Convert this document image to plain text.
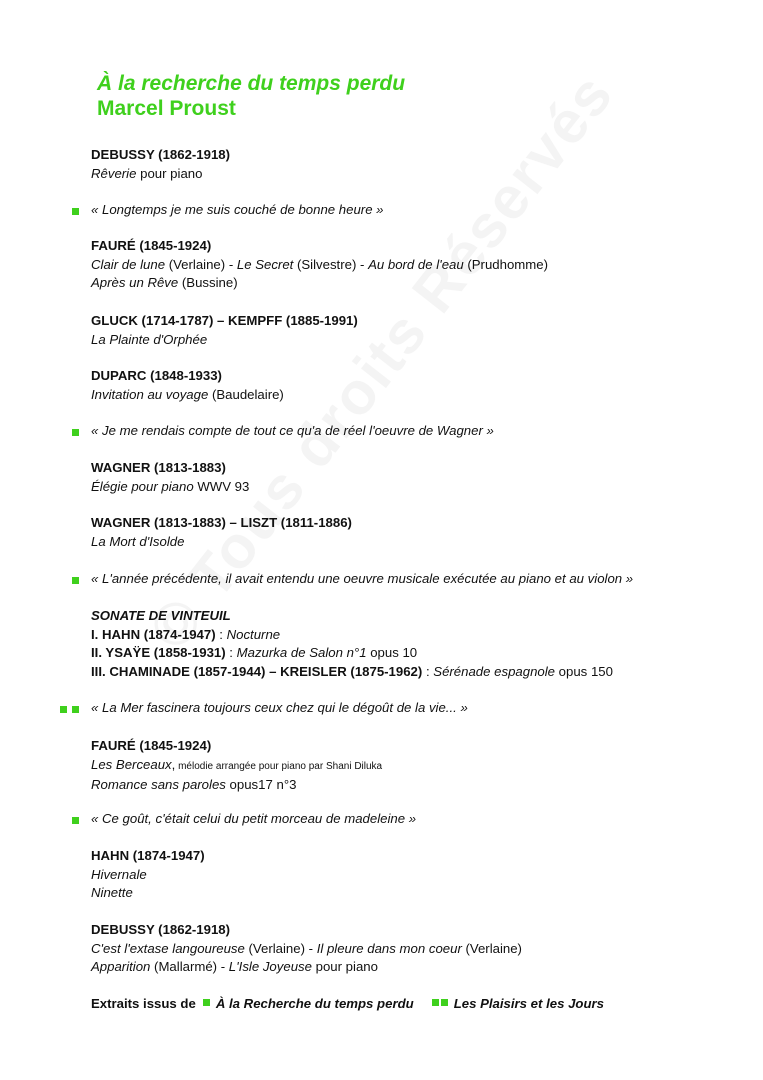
À la recherche du temps perdu
Marcel Proust
DEBUSSY (1862-1918)
Rêverie pour piano
« Longtemps je me suis couché de bonne heure »
FAURÉ (1845-1924)
Clair de lune (Verlaine) - Le Secret (Silvestre) - Au bord de l'eau (Prudhomme)
Après un Rêve (Bussine)
GLUCK (1714-1787) – KEMPFF (1885-1991)
La Plainte d'Orphée
DUPARC (1848-1933)
Invitation au voyage (Baudelaire)
« Je me rendais compte de tout ce qu'a de réel l'oeuvre de Wagner »
WAGNER (1813-1883)
Élégie pour piano WWV 93
WAGNER (1813-1883) – LISZT (1811-1886)
La Mort d'Isolde
« L'année précédente, il avait entendu une oeuvre musicale exécutée au piano et au violon »
SONATE DE VINTEUIL
I. HAHN (1874-1947) : Nocturne
II. YSAŸE (1858-1931) : Mazurka de Salon n°1 opus 10
III. CHAMINADE (1857-1944) – KREISLER (1875-1962) : Sérénade espagnole opus 150
« La Mer fascinera toujours ceux chez qui le dégoût de la vie... »
FAURÉ (1845-1924)
Les Berceaux, mélodie arrangée pour piano par Shani Diluka
Romance sans paroles opus17 n°3
« Ce goût, c'était celui du petit morceau de madeleine »
HAHN (1874-1947)
Hivernale
Ninette
DEBUSSY (1862-1918)
C'est l'extase langoureuse (Verlaine) - Il pleure dans mon coeur (Verlaine)
Apparition (Mallarmé) - L'Isle Joyeuse pour piano
Extraits issus de À la Recherche du temps perdu	Les Plaisirs et les Jours
